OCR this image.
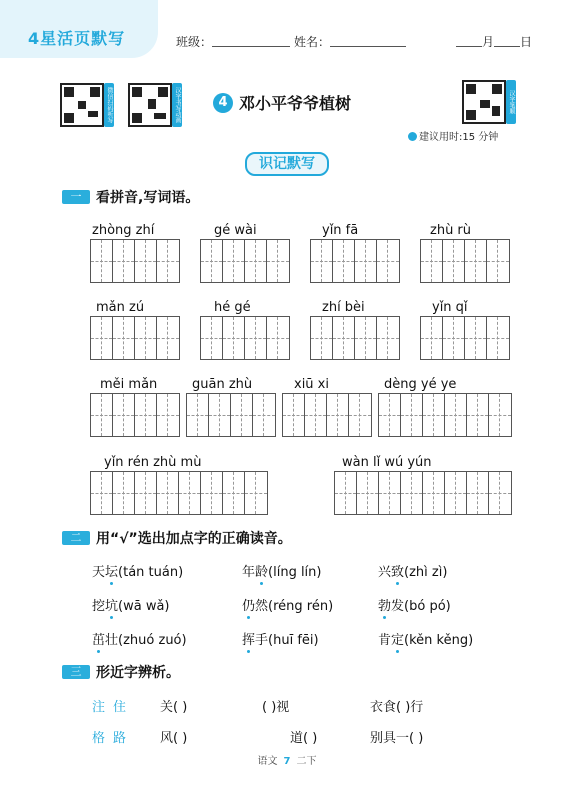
4星活页默写	班级：	姓名：	月 日
微信扫码听写	汉字书写动画	汉字笔顺
4 邓小平爷爷植树
建议用时:15 分钟
识记默写
一	看拼音,写词语。
zhòng zhí	gé wài	yǐn fā	zhù rù
mǎn zú	hé gé	zhí bèi	yǐn qǐ
měi mǎn	guān zhù	xiū xi	dèng yé ye
yǐn rén zhù mù	wàn lǐ wú yún
二	用“√”选出加点字的正确读音。
天坛(tán tuán)	年龄(líng lín)	兴致(zhì zì)
挖坑(wā wǎ)	仍然(réng rén)	勃发(bó pó)
茁壮(zhuó zuó)	挥手(huī fēi)	肯定(kěn kěng)
三	形近字辨析。
注住 关( )	( )视	衣食( )行
格路 风( )	道( )	别具一( )
语文 7 二下
